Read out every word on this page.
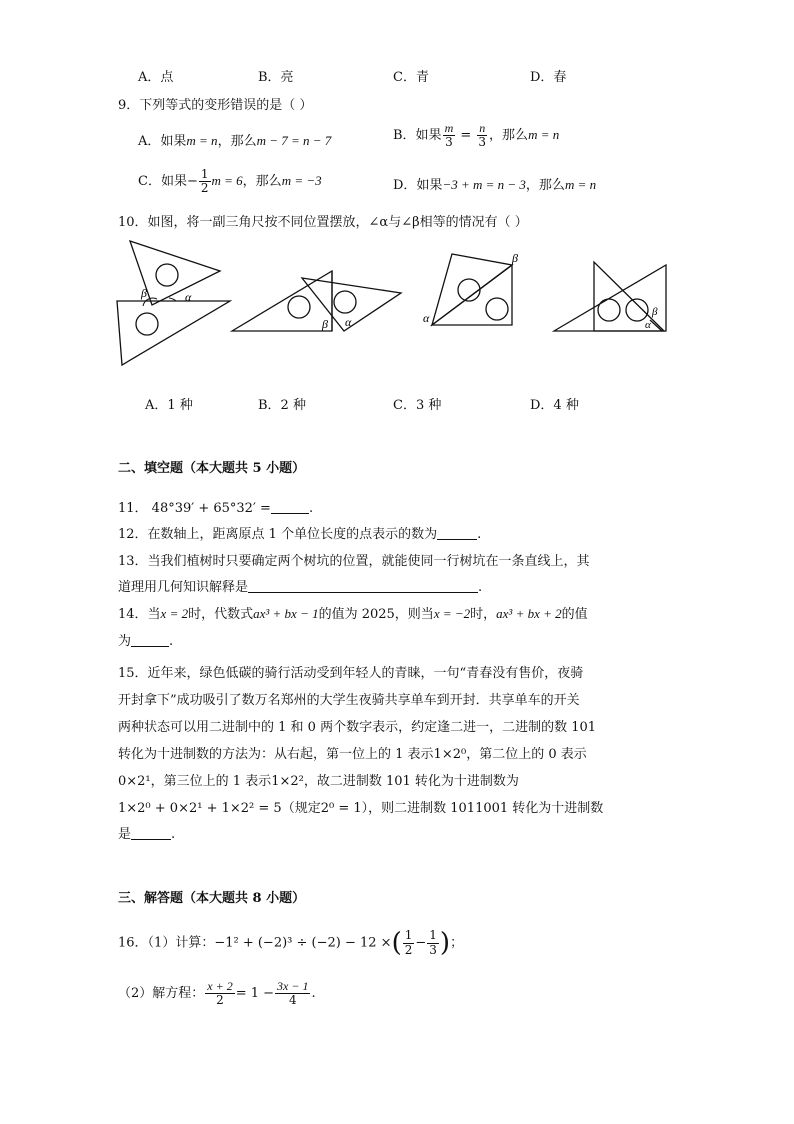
A．点	B．亮	C．青	D．春
9．下列等式的变形错误的是（ ）
A．如果m = n，那么m − 7 = n − 7	B．如果 $\frac{m}{3} = \frac{n}{3}$ ，那么m = n
C．如果− $\frac{1}{2}$ m = 6，那么m = −3	D．如果−3 + m = n − 3，那么m = n
10．如图，将一副三角尺按不同位置摆放，∠α与∠β相等的情况有（ ）
β	α
β α	α
β
β
α
A．1 种	B．2 种	C．3 种	D．4 种
二、填空题（本大题共 5 小题）
11． 48°39′ + 65°32′ =	.
12．在数轴上，距离原点 1 个单位长度的点表示的数为	.
13．当我们植树时只要确定两个树坑的位置，就能使同一行树坑在一条直线上，其
道理用几何知识解释是	.
14．当x = 2时，代数式ax³ + bx − 1的值为 2025，则当x = −2时，ax³ + bx + 2的值
为	.
15．近年来，绿色低碳的骑行活动受到年轻人的青睐，一句“青春没有售价，夜骑
开封拿下”成功吸引了数万名郑州的大学生夜骑共享单车到开封．共享单车的开关
两种状态可以用二进制中的 1 和 0 两个数字表示，约定逢二进一，二进制的数 101
转化为十进制数的方法为：从右起，第一位上的 1 表示1×2⁰，第二位上的 0 表示
0×2¹，第三位上的 1 表示1×2²，故二进制数 101 转化为十进制数为
1×2⁰ + 0×2¹ + 1×2² = 5（规定2⁰ = 1），则二进制数 1011001 转化为十进制数
是	.
三、解答题（本大题共 8 小题）
16．（1）计算：−1² + (−2)³ ÷ (−2) − 12 ×( $\frac{1}{2} - \frac{1}{3}$ )；
（2）解方程： $\frac{x + 2}{2} = 1 - \frac{3x - 1}{4}$ .
